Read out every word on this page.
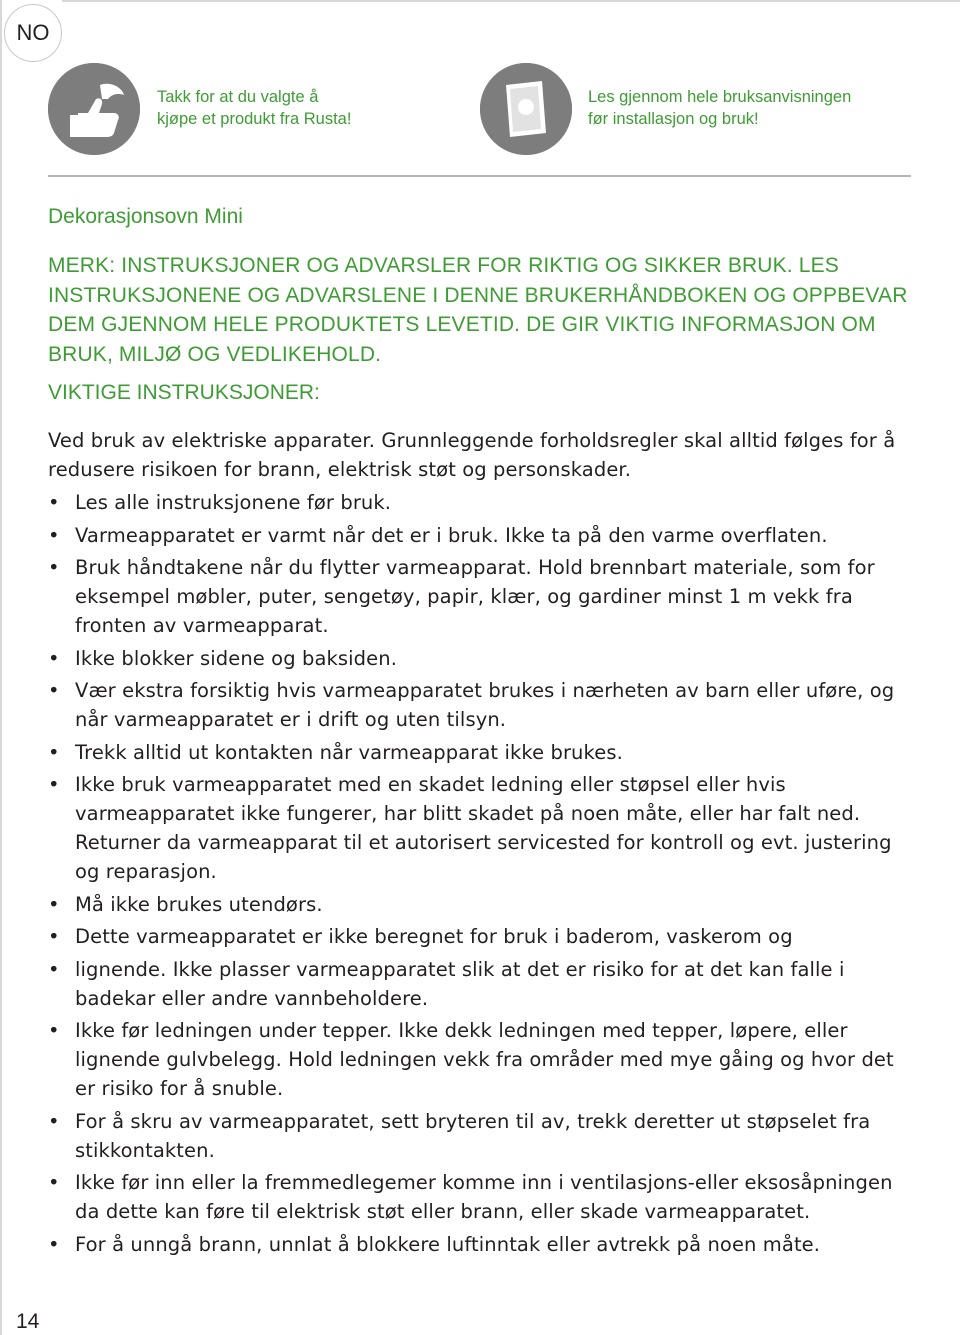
NO
Takk for at du valgte å
kjøpe et produkt fra Rusta!
Les gjennom hele bruksanvisningen
før installasjon og bruk!
Dekorasjonsovn Mini

MERK: INSTRUKSJONER OG ADVARSLER FOR RIKTIG OG SIKKER BRUK. LES INSTRUKSJONENE OG ADVARSLENE I DENNE BRUKERHÅNDBOKEN OG OPPBEVAR DEM GJENNOM HELE PRODUKTETS LEVETID. DE GIR VIKTIG INFORMASJON OM BRUK, MILJØ OG VEDLIKEHOLD.

VIKTIGE INSTRUKSJONER:

Ved bruk av elektriske apparater. Grunnleggende forholdsregler skal alltid følges for å redusere risikoen for brann, elektrisk støt og personskader.

• Les alle instruksjonene før bruk.
• Varmeapparatet er varmt når det er i bruk. Ikke ta på den varme overflaten.
• Bruk håndtakene når du flytter varmeapparat. Hold brennbart materiale, som for eksempel møbler, puter, sengetøy, papir, klær, og gardiner minst 1 m vekk fra fronten av varmeapparat.
• Ikke blokker sidene og baksiden.
• Vær ekstra forsiktig hvis varmeapparatet brukes i nærheten av barn eller uføre, og når varmeapparatet er i drift og uten tilsyn.
• Trekk alltid ut kontakten når varmeapparat ikke brukes.
• Ikke bruk varmeapparatet med en skadet ledning eller støpsel eller hvis varmeapparatet ikke fungerer, har blitt skadet på noen måte, eller har falt ned. Returner da varmeapparat til et autorisert servicested for kontroll og evt. justering og reparasjon.
• Må ikke brukes utendørs.
• Dette varmeapparatet er ikke beregnet for bruk i baderom, vaskerom og
• lignende. Ikke plasser varmeapparatet slik at det er risiko for at det kan falle i badekar eller andre vannbeholdere.
• Ikke før ledningen under tepper. Ikke dekk ledningen med tepper, løpere, eller lignende gulvbelegg. Hold ledningen vekk fra områder med mye gåing og hvor det er risiko for å snuble.
• For å skru av varmeapparatet, sett bryteren til av, trekk deretter ut støpselet fra stikkontakten.
• Ikke før inn eller la fremmedlegemer komme inn i ventilasjons-eller eksosåpningen da dette kan føre til elektrisk støt eller brann, eller skade varmeapparatet.
• For å unngå brann, unnlat å blokkere luftinntak eller avtrekk på noen måte.
14
